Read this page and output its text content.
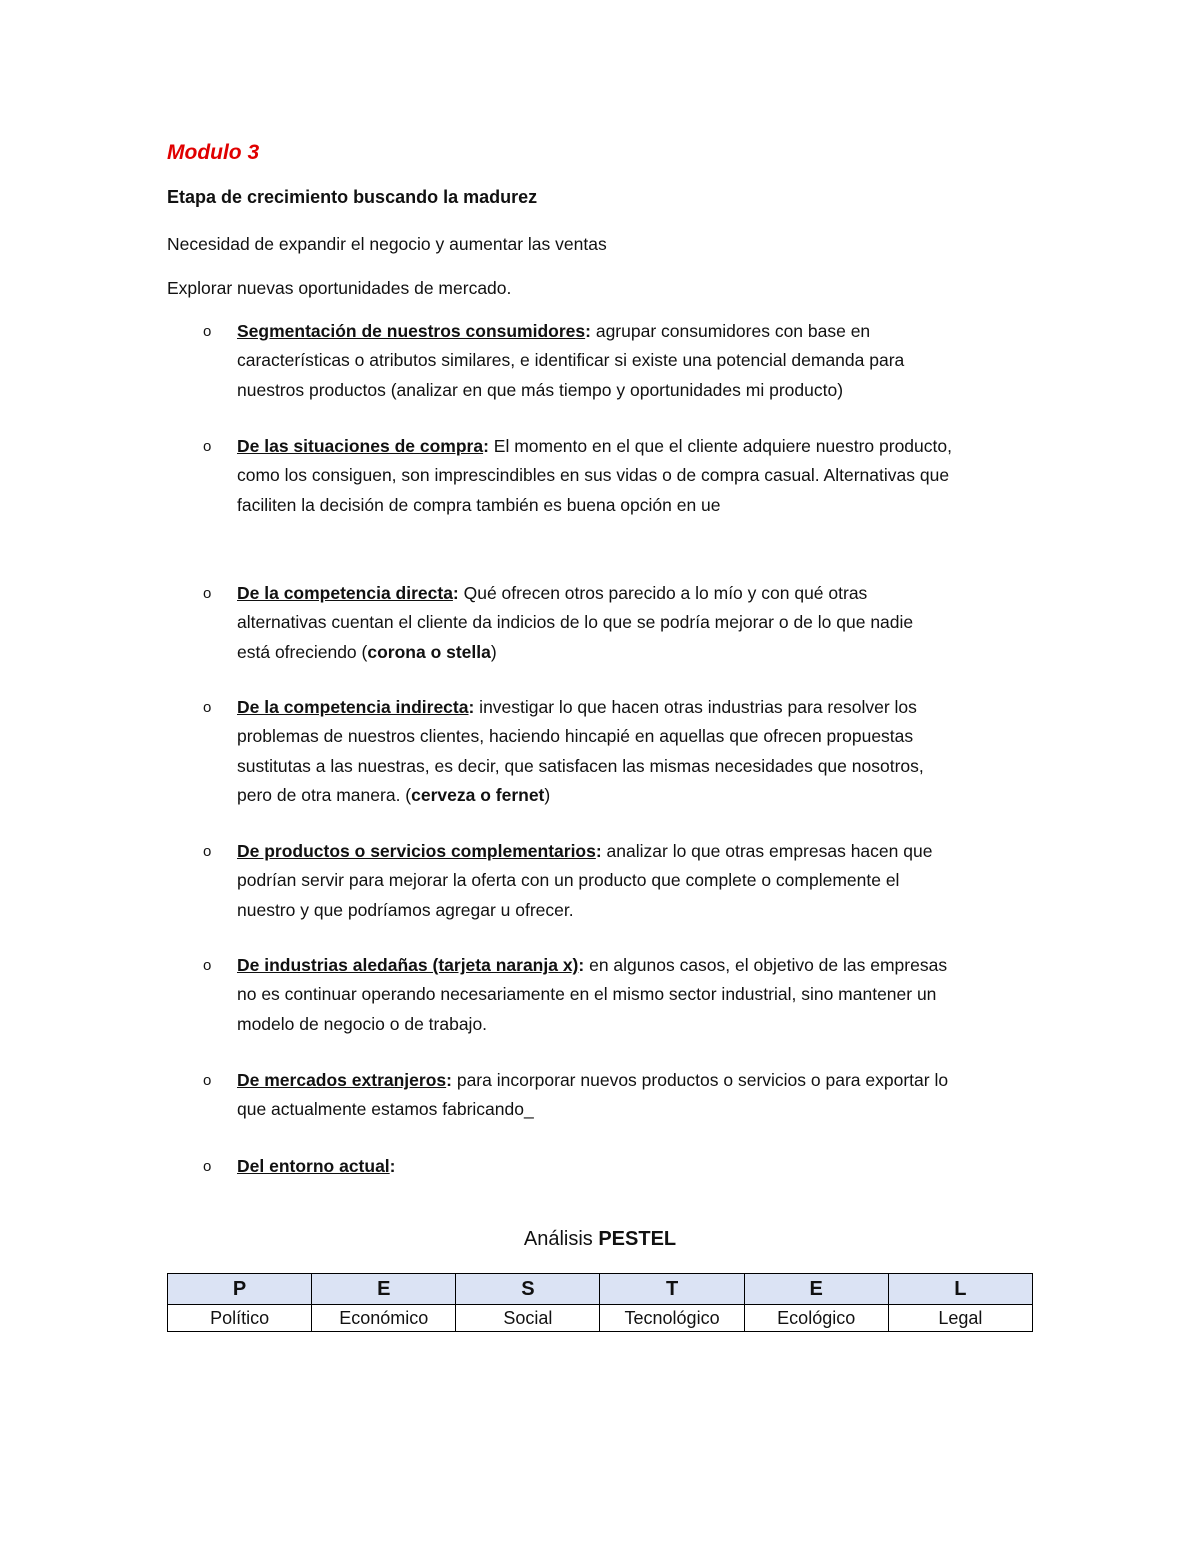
Modulo 3

Etapa de crecimiento buscando la madurez

Necesidad de expandir el negocio y aumentar las ventas

Explorar nuevas oportunidades de mercado.

o Segmentación de nuestros consumidores: agrupar consumidores con base en
características o atributos similares, e identificar si existe una potencial demanda para
nuestros productos (analizar en que más tiempo y oportunidades mi producto)
o De las situaciones de compra: El momento en el que el cliente adquiere nuestro producto,
como los consiguen, son imprescindibles en sus vidas o de compra casual. Alternativas que
faciliten la decisión de compra también es buena opción en ue
o De la competencia directa: Qué ofrecen otros parecido a lo mío y con qué otras
alternativas cuentan el cliente da indicios de lo que se podría mejorar o de lo que nadie
está ofreciendo (corona o stella)
o De la competencia indirecta: investigar lo que hacen otras industrias para resolver los
problemas de nuestros clientes, haciendo hincapié en aquellas que ofrecen propuestas
sustitutas a las nuestras, es decir, que satisfacen las mismas necesidades que nosotros,
pero de otra manera. (cerveza o fernet)
o De productos o servicios complementarios: analizar lo que otras empresas hacen que
podrían servir para mejorar la oferta con un producto que complete o complemente el
nuestro y que podríamos agregar u ofrecer.
o De industrias aledañas (tarjeta naranja x): en algunos casos, el objetivo de las empresas
no es continuar operando necesariamente en el mismo sector industrial, sino mantener un
modelo de negocio o de trabajo.
o De mercados extranjeros: para incorporar nuevos productos o servicios o para exportar lo
que actualmente estamos fabricando_
o Del entorno actual:

Análisis PESTEL

P	E	S	T	E	L
Político	Económico	Social	Tecnológico	Ecológico	Legal
